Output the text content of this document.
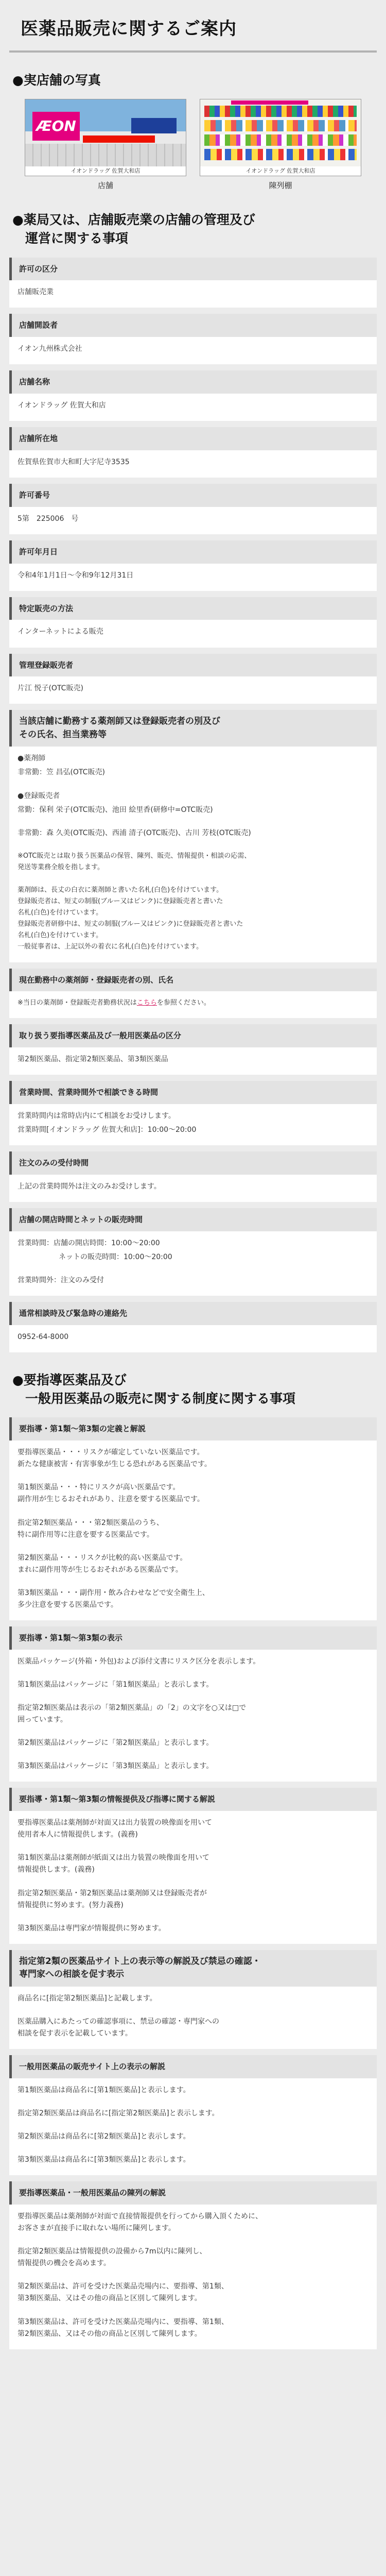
医薬品販売に関するご案内
●実店舗の写真
ÆON
イオンドラッグ 佐賀大和店
店舗
イオンドラッグ 佐賀大和店
陳列棚
●薬局又は、店舗販売業の店舗の管理及び
　運営に関する事項
許可の区分

店舗販売業

店舗開設者

イオン九州株式会社

店舗名称

イオンドラッグ 佐賀大和店

店舗所在地

佐賀県佐賀市大和町大字尼寺3535

許可番号

5第　225006　号

許可年月日

令和4年1月1日～令和9年12月31日

特定販売の方法

インターネットによる販売

管理登録販売者

片江 悦子(OTC販売)

当該店舗に勤務する薬剤師又は登録販売者の別及び
その氏名、担当業務等

●薬剤師

非常勤：笠 昌弘(OTC販売)

●登録販売者

常勤：保利 栄子(OTC販売)、池田 絵里香(研修中=OTC販売)

非常勤：森 久美(OTC販売)、西浦 清子(OTC販売)、古川 芳枝(OTC販売)

※OTC販売とは取り扱う医薬品の保管、陳列、販売、情報提供・相談の応需、
発送等業務全般を指します。

薬剤師は、長丈の白衣に薬剤師と書いた名札(白色)を付けています。
登録販売者は、短丈の制服(ブルー又はピンク)に登録販売者と書いた
名札(白色)を付けています。
登録販売者研修中は、短丈の制服(ブルー又はピンク)に登録販売者と書いた
名札(白色)を付けています。
一般従事者は、上記以外の着衣に名札(白色)を付けています。

現在勤務中の薬剤師・登録販売者の別、氏名

※当日の薬剤師・登録販売者勤務状況はこちらを参照ください。

取り扱う要指導医薬品及び一般用医薬品の区分

第2類医薬品、指定第2類医薬品、第3類医薬品

営業時間、営業時間外で相談できる時間

営業時間内は常時店内にて相談をお受けします。

営業時間[イオンドラッグ 佐賀大和店]：10:00～20:00

注文のみの受付時間

上記の営業時間外は注文のみお受けします。

店舗の開店時間とネットの販売時間

営業時間：店舗の開店時間：10:00～20:00

ネットの販売時間：10:00～20:00

営業時間外：注文のみ受付

通常相談時及び緊急時の連絡先

0952-64-8000

●要指導医薬品及び
　一般用医薬品の販売に関する制度に関する事項
要指導・第1類～第3類の定義と解説

要指導医薬品・・・リスクが確定していない医薬品です。
新たな健康被害・有害事象が生じる恐れがある医薬品です。

第1類医薬品・・・特にリスクが高い医薬品です。
副作用が生じるおそれがあり、注意を要する医薬品です。

指定第2類医薬品・・・第2類医薬品のうち、
特に副作用等に注意を要する医薬品です。

第2類医薬品・・・リスクが比較的高い医薬品です。
まれに副作用等が生じるおそれがある医薬品です。

第3類医薬品・・・副作用・飲み合わせなどで安全衛生上、
多少注意を要する医薬品です。

要指導・第1類～第3類の表示

医薬品パッケージ(外箱・外包)および添付文書にリスク区分を表示します。

第1類医薬品はパッケージに「第1類医薬品」と表示します。

指定第2類医薬品は表示の「第2類医薬品」の「2」の文字を○又は□で
囲っています。

第2類医薬品はパッケージに「第2類医薬品」と表示します。

第3類医薬品はパッケージに「第3類医薬品」と表示します。

要指導・第1類～第3類の情報提供及び指導に関する解説

要指導医薬品は薬剤師が対面又は出力装置の映像面を用いて
使用者本人に情報提供します。(義務)

第1類医薬品は薬剤師が紙面又は出力装置の映像面を用いて
情報提供します。(義務)

指定第2類医薬品・第2類医薬品は薬剤師又は登録販売者が
情報提供に努めます。(努力義務)

第3類医薬品は専門家が情報提供に努めます。

指定第2類の医薬品サイト上の表示等の解説及び禁忌の確認・
専門家への相談を促す表示

商品名に[指定第2類医薬品]と記載します。

医薬品購入にあたっての確認事項に、禁忌の確認・専門家への
相談を促す表示を記載しています。

一般用医薬品の販売サイト上の表示の解説

第1類医薬品は商品名に[第1類医薬品]と表示します。

指定第2類医薬品は商品名に[指定第2類医薬品]と表示します。

第2類医薬品は商品名に[第2類医薬品]と表示します。

第3類医薬品は商品名に[第3類医薬品]と表示します。

要指導医薬品・一般用医薬品の陳列の解説

要指導医薬品は薬剤師が対面で直接情報提供を行ってから購入頂くために、
お客さまが直接手に取れない場所に陳列します。

指定第2類医薬品は情報提供の設備から7m以内に陳列し、
情報提供の機会を高めます。

第2類医薬品は、許可を受けた医薬品売場内に、要指導、第1類、
第3類医薬品、又はその他の商品と区別して陳列します。

第3類医薬品は、許可を受けた医薬品売場内に、要指導、第1類、
第2類医薬品、又はその他の商品と区別して陳列します。
